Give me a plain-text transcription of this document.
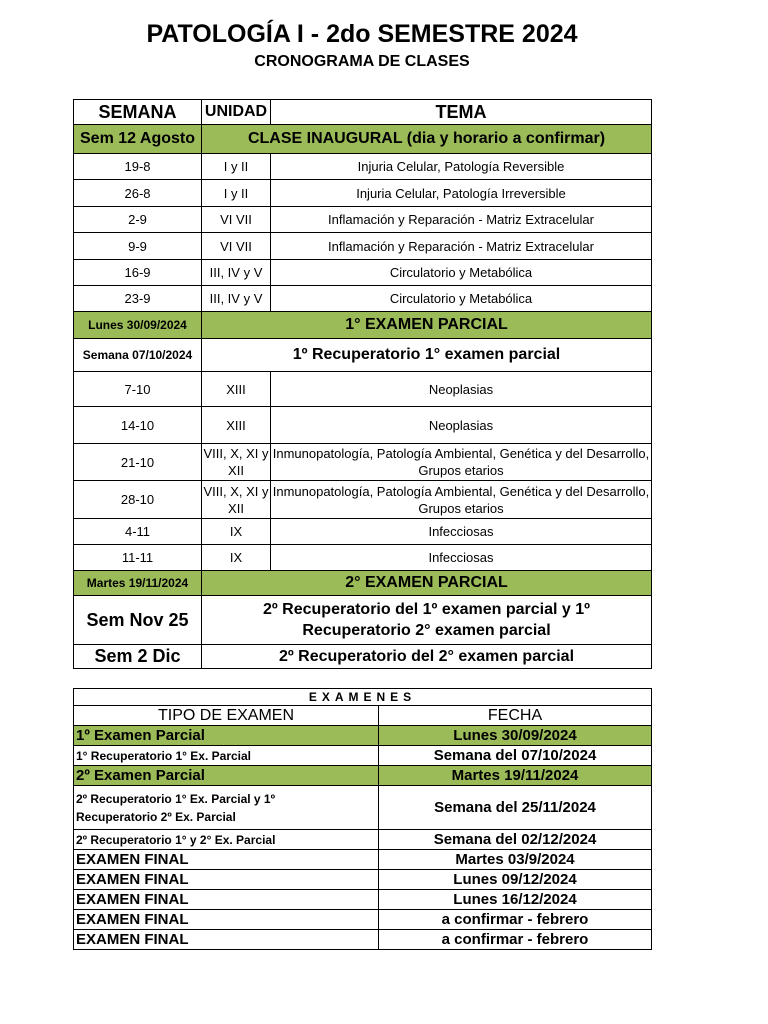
PATOLOGÍA I - 2do SEMESTRE 2024
CRONOGRAMA DE CLASES
SEMANA	UNIDAD	TEMA
Sem 12 Agosto	CLASE INAUGURAL (dia y horario a confirmar)	
19-8	I y II	Injuria Celular, Patología Reversible
26-8	I y II	Injuria Celular, Patología Irreversible
2-9	VI VII	Inflamación y Reparación - Matriz Extracelular
9-9	VI VII	Inflamación y Reparación - Matriz Extracelular
16-9	III, IV y V	Circulatorio y Metabólica
23-9	III, IV y V	Circulatorio y Metabólica
Lunes 30/09/2024	1° EXAMEN PARCIAL	
Semana 07/10/2024	1º Recuperatorio 1° examen parcial	
7-10	XIII	Neoplasias
14-10	XIII	Neoplasias
21-10	VIII, X, XI y XII	Inmunopatología, Patología Ambiental, Genética y del Desarrollo, Grupos etarios
28-10	VIII, X, XI y XII	Inmunopatología, Patología Ambiental, Genética y del Desarrollo, Grupos etarios
4-11	IX	Infecciosas
11-11	IX	Infecciosas
Martes 19/11/2024	2° EXAMEN PARCIAL	
Sem Nov 25	2º Recuperatorio del 1º examen parcial y 1º Recuperatorio 2° examen parcial	
Sem 2 Dic	2º Recuperatorio del 2° examen parcial	
EXAMENES	
TIPO DE EXAMEN	FECHA
1º Examen Parcial	Lunes 30/09/2024
1° Recuperatorio 1° Ex. Parcial	Semana del 07/10/2024
2º Examen Parcial	Martes 19/11/2024
2º Recuperatorio 1° Ex. Parcial y 1º Recuperatorio 2º Ex. Parcial	Semana del 25/11/2024
2º Recuperatorio 1° y 2° Ex. Parcial	Semana del 02/12/2024
EXAMEN FINAL	Martes 03/9/2024
EXAMEN FINAL	Lunes 09/12/2024
EXAMEN FINAL	Lunes 16/12/2024
EXAMEN FINAL	a confirmar - febrero
EXAMEN FINAL	a confirmar - febrero
